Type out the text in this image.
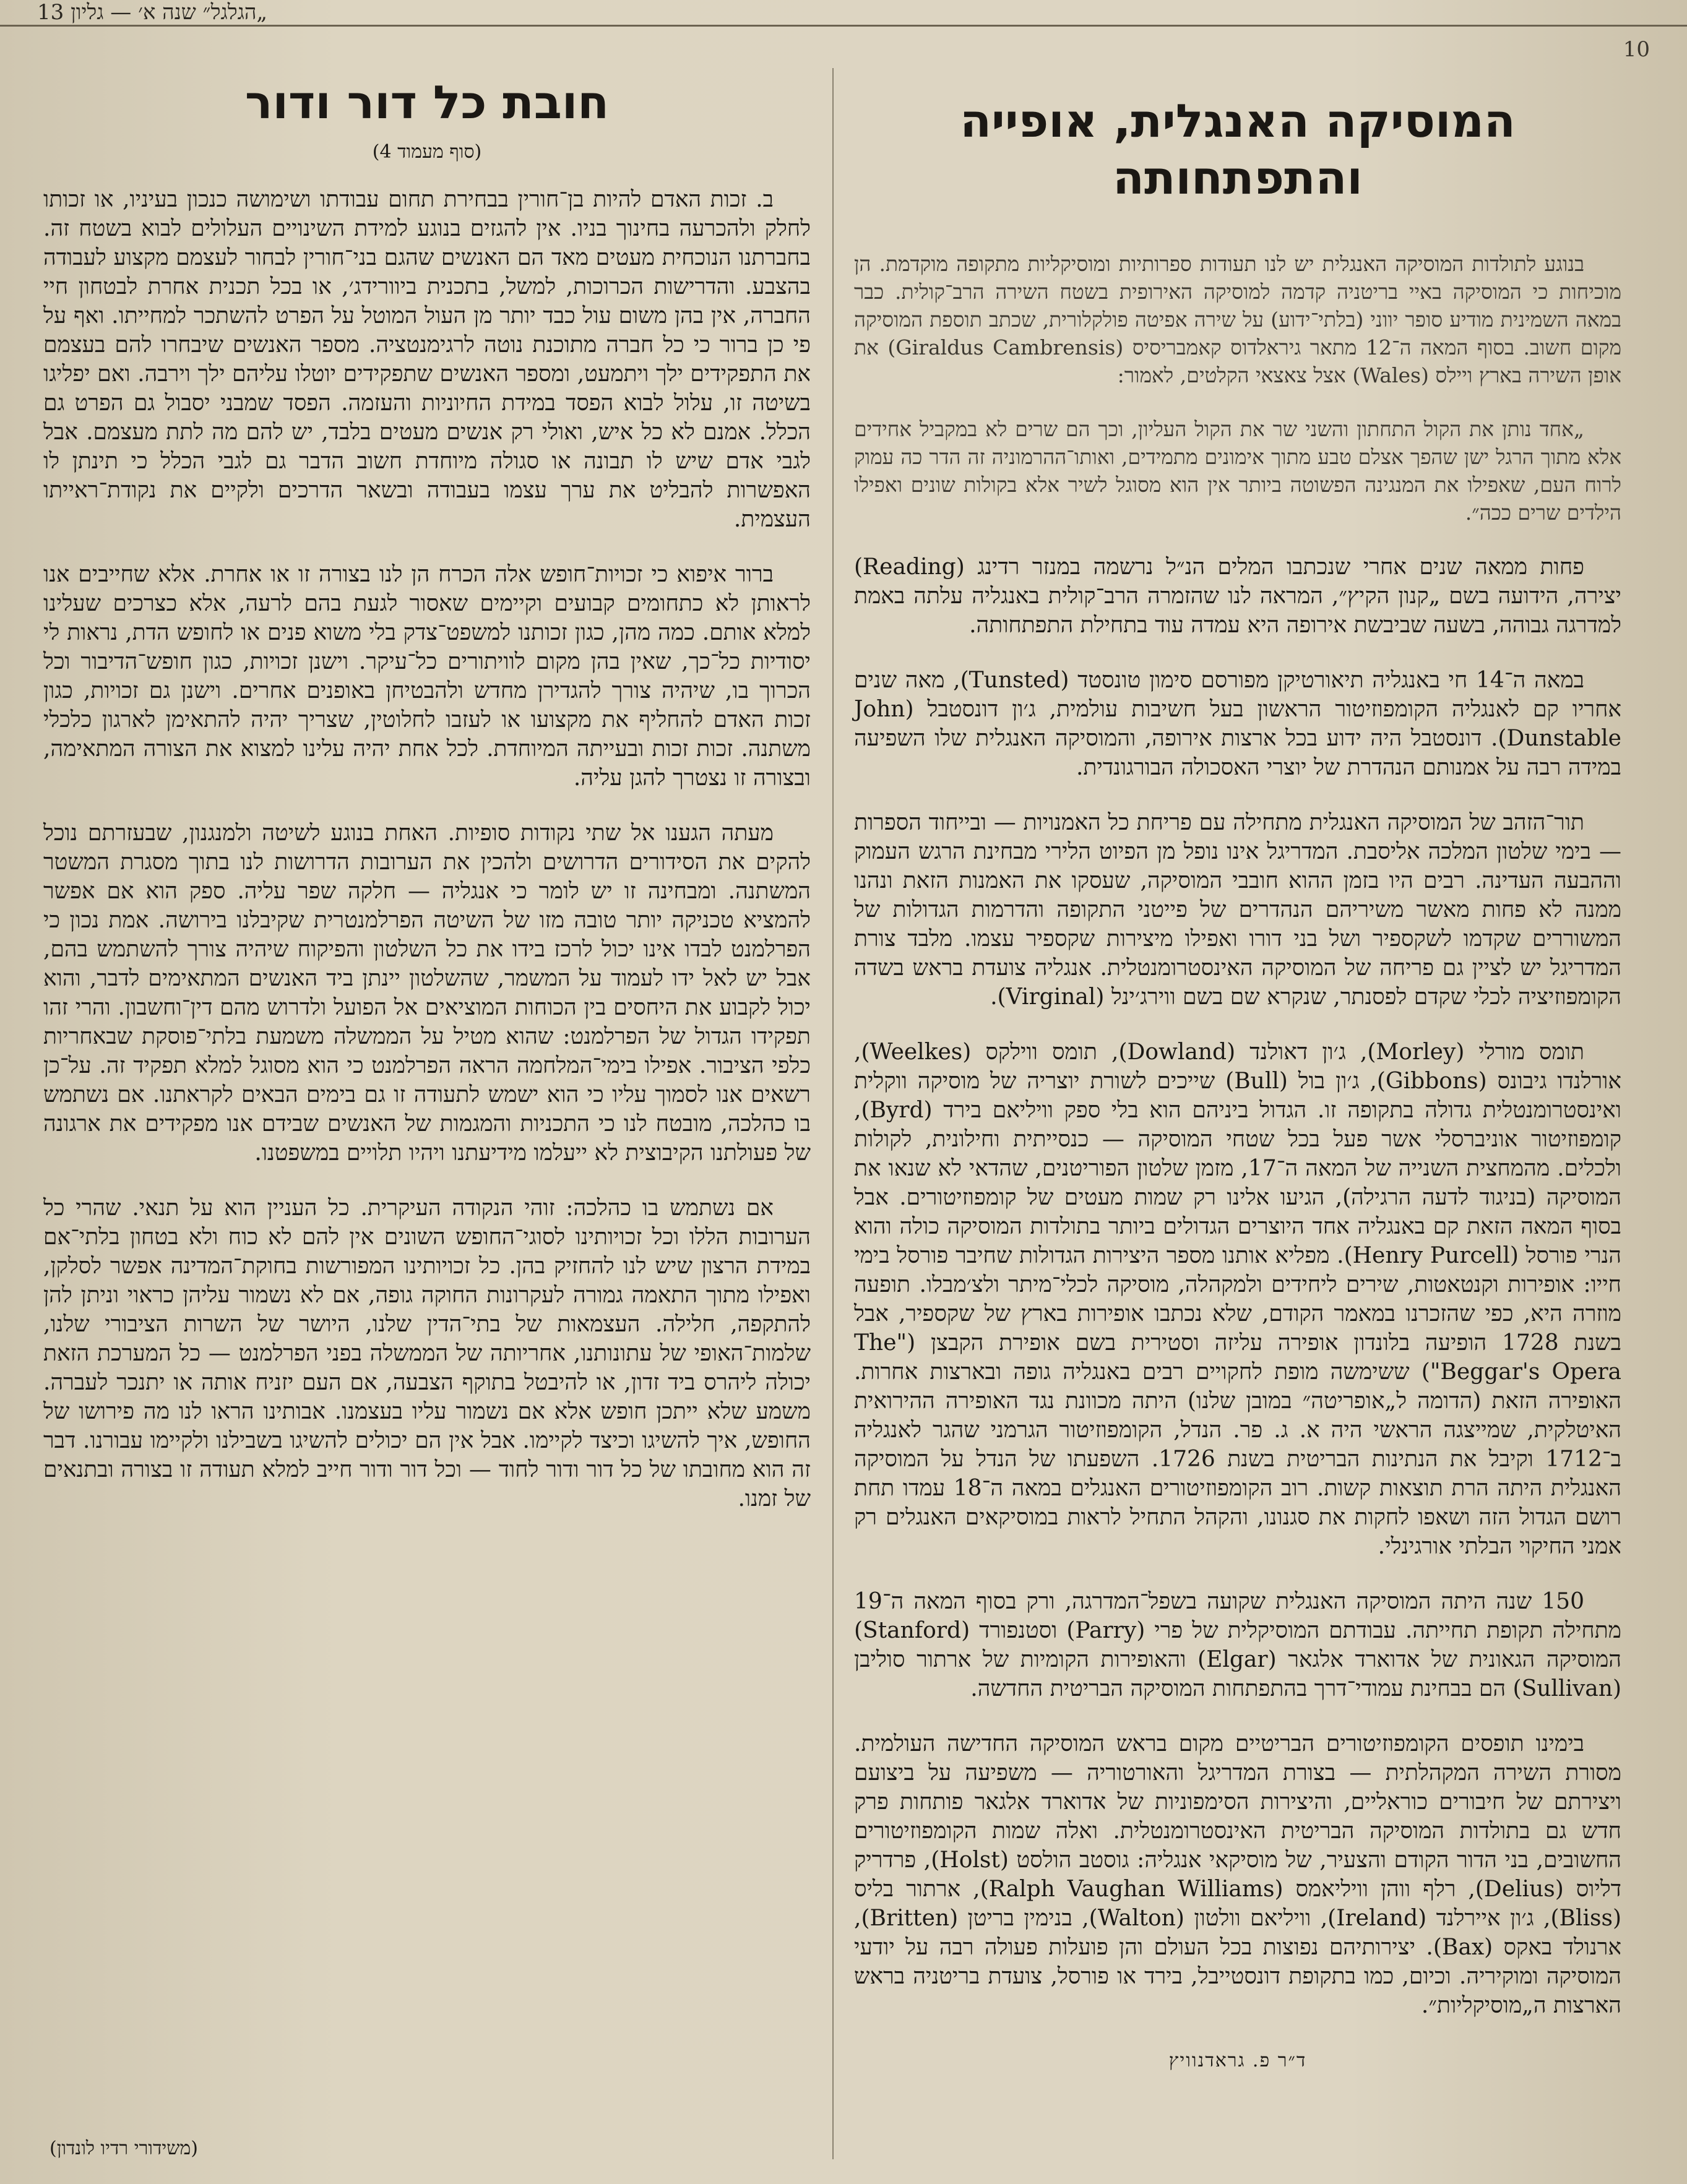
„הגלגל״ שנה א׳ — גליון 13
10
המוסיקה האנגלית, אופייה והתפתחותה

בנוגע לתולדות המוסיקה האנגלית יש לנו תעודות ספרותיות ומוסיקליות מתקופה מוקדמת. הן מוכיחות כי המוסיקה באיי בריטניה קדמה למוסיקה האירופית בשטח השירה הרב־קולית. כבר במאה השמינית מודיע סופר יווני (בלתי־ידוע) על שירה אפיטה פולקלורית, שכתב תוספת המוסיקה מקום חשוב. בסוף המאה ה־12 מתאר גיראלדוס קאמבריסיס (Giraldus Cambrensis) את אופן השירה בארץ ויילס (Wales) אצל צאצאי הקלטים, לאמור:

„אחד נותן את הקול התחתון והשני שר את הקול העליון, וכך הם שרים לא במקביל אחידים אלא מתוך הרגל ישן שהפך אצלם טבע מתוך אימונים מתמידים, ואותו־ההרמוניה זה הדר כה עמוק לרוח העם, שאפילו את המנגינה הפשוטה ביותר אין הוא מסוגל לשיר אלא בקולות שונים ואפילו הילדים שרים ככה״.

פחות ממאה שנים אחרי שנכתבו המלים הנ״ל נרשמה במנזר רדינג (Reading) יצירה, הידועה בשם „קנון הקיץ״, המראה לנו שהזמרה הרב־קולית באנגליה עלתה באמת למדרגה גבוהה, בשעה שביבשת אירופה היא עמדה עוד בתחילת התפתחותה.

במאה ה־14 חי באנגליה תיאורטיקן מפורסם סימון טונסטד (Tunsted), מאה שנים אחריו קם לאנגליה הקומפוזיטור הראשון בעל חשיבות עולמית, ג׳ון דונסטבל (John Dunstable). דונסטבל היה ידוע בכל ארצות אירופה, והמוסיקה האנגלית שלו השפיעה במידה רבה על אמנותם הנהדרת של יוצרי האסכולה הבורגונדית.

תור־הזהב של המוסיקה האנגלית מתחילה עם פריחת כל האמנויות — ובייחוד הספרות — בימי שלטון המלכה אליסבת. המדריגל אינו נופל מן הפיוט הלירי מבחינת הרגש העמוק וההבעה העדינה. רבים היו בזמן ההוא חובבי המוסיקה, שעסקו את האמנות הזאת ונהנו ממנה לא פחות מאשר משיריהם הנהדרים של פייטני התקופה והדרמות הגדולות של המשוררים שקדמו לשקספיר ושל בני דורו ואפילו מיצירות שקספיר עצמו. מלבד צורת המדריגל יש לציין גם פריחה של המוסיקה האינסטרומנטלית. אנגליה צועדת בראש בשדה הקומפוזיציה לכלי שקדם לפסנתר, שנקרא שם בשם ווירג׳ינל (Virginal).

תומס מורלי (Morley), ג׳ון דאולנד (Dowland), תומס ווילקס (Weelkes), אורלנדו גיבונס (Gibbons), ג׳ון בול (Bull) שייכים לשורת יוצריה של מוסיקה ווקלית ואינסטרומנטלית גדולה בתקופה זו. הגדול ביניהם הוא בלי ספק וויליאם בירד (Byrd), קומפוזיטור אוניברסלי אשר פעל בכל שטחי המוסיקה — כנסייתית וחילונית, לקולות ולכלים. מהמחצית השנייה של המאה ה־17, מזמן שלטון הפוריטנים, שהדאי לא שנאו את המוסיקה (בניגוד לדעה הרגילה), הגיעו אלינו רק שמות מעטים של קומפוזיטורים. אבל בסוף המאה הזאת קם באנגליה אחד היוצרים הגדולים ביותר בתולדות המוסיקה כולה והוא הנרי פורסל (Henry Purcell). מפליא אותנו מספר היצירות הגדולות שחיבר פורסל בימי חייו: אופירות וקנטאטות, שירים ליחידים ולמקהלה, מוסיקה לכלי־מיתר ולצ׳מבלו. תופעה מוזרה היא, כפי שהזכרנו במאמר הקודם, שלא נכתבו אופירות בארץ של שקספיר, אבל בשנת 1728 הופיעה בלונדון אופירה עליזה וסטירית בשם אופירת הקבצן ("The Beggar's Opera") ששימשה מופת לחקויים רבים באנגליה גופה ובארצות אחרות. האופירה הזאת (הדומה ל„אופריטה״ במובן שלנו) היתה מכוונת נגד האופירה ההירואית האיטלקית, שמייצגה הראשי היה א. ג. פר. הנדל, הקומפוזיטור הגרמני שהגר לאנגליה ב־1712 וקיבל את הנתינות הבריטית בשנת 1726. השפעתו של הנדל על המוסיקה האנגלית היתה הרת תוצאות קשות. רוב הקומפוזיטורים האנגלים במאה ה־18 עמדו תחת רושם הגדול הזה ושאפו לחקות את סגנונו, והקהל התחיל לראות במוסיקאים האנגלים רק אמני החיקוי הבלתי אורגינלי.

150 שנה היתה המוסיקה האנגלית שקועה בשפל־המדרגה, ורק בסוף המאה ה־19 מתחילה תקופת תחייתה. עבודתם המוסיקלית של פרי (Parry) וסטנפורד (Stanford) המוסיקה הגאונית של אדוארד אלגאר (Elgar) והאופירות הקומיות של ארתור סוליבן (Sullivan) הם בבחינת עמודי־דרך בהתפתחות המוסיקה הבריטית החדשה.

בימינו תופסים הקומפוזיטורים הבריטיים מקום בראש המוסיקה החדישה העולמית. מסורת השירה המקהלתית — בצורת המדריגל והאורטוריה — משפיעה על ביצועם ויצירתם של חיבורים כוראליים, והיצירות הסימפוניות של אדוארד אלגאר פותחות פרק חדש גם בתולדות המוסיקה הבריטית האינסטרומנטלית. ואלה שמות הקומפוזיטורים החשובים, בני הדור הקודם והצעיר, של מוסיקאי אנגליה: גוסטב הולסט (Holst), פרדריק דליוס (Delius), רלף ווהן וויליאמס (Ralph Vaughan Williams), ארתור בליס (Bliss), ג׳ון איירלנד (Ireland), וויליאם וולטון (Walton), בנימין בריטן (Britten), ארנולד באקס (Bax). יצירותיהם נפוצות בכל העולם והן פועלות פעולה רבה על יודעי המוסיקה ומוקיריה. וכיום, כמו בתקופת דונסטייבל, בירד או פורסל, צועדת בריטניה בראש הארצות ה„מוסיקליות״.

ד״ר פ. גראדנוויץ
חובת כל דור ודור
(סוף מעמוד 4)

ב. זכות האדם להיות בן־חורין בבחירת תחום עבודתו ושימושה כנכון בעיניו, או זכותו לחלק ולהכרעה בחינוך בניו. אין להגזים בנוגע למידת השינויים העלולים לבוא בשטח זה. בחברתנו הנוכחית מעטים מאד הם האנשים שהגם בני־חורין לבחור לעצמם מקצוע לעבודה בהצבע. והדרישות הכרוכות, למשל, בתכנית ביוורידג׳, או בכל תכנית אחרת לבטחון חיי החברה, אין בהן משום עול כבד יותר מן העול המוטל על הפרט להשתכר למחייתו. ואף על פי כן ברור כי כל חברה מתוכנת נוטה לרגימנטציה. מספר האנשים שיבחרו להם בעצמם את התפקידים ילך ויתמעט, ומספר האנשים שתפקידים יוטלו עליהם ילך וירבה. ואם יפליגו בשיטה זו, עלול לבוא הפסד במידת החיוניות והעזמה. הפסד שמבני יסבול גם הפרט גם הכלל. אמנם לא כל איש, ואולי רק אנשים מעטים בלבד, יש להם מה לתת מעצמם. אבל לגבי אדם שיש לו תבונה או סגולה מיוחדת חשוב הדבר גם לגבי הכלל כי תינתן לו האפשרות להבליט את ערך עצמו בעבודה ובשאר הדרכים ולקיים את נקודת־ראייתו העצמית.

ברור איפוא כי זכויות־חופש אלה הכרח הן לנו בצורה זו או אחרת. אלא שחייבים אנו לראותן לא כתחומים קבועים וקיימים שאסור לגעת בהם לרעה, אלא כצרכים שעלינו למלא אותם. כמה מהן, כגון זכותנו למשפט־צדק בלי משוא פנים או לחופש הדת, נראות לי יסודיות כל־כך, שאין בהן מקום לוויתורים כל־עיקר. וישנן זכויות, כגון חופש־הדיבור וכל הכרוך בו, שיהיה צורך להגדירן מחדש ולהבטיחן באופנים אחרים. וישנן גם זכויות, כגון זכות האדם להחליף את מקצועו או לעזבו לחלוטין, שצריך יהיה להתאימן לארגון כלכלי משתנה. זכות זכות ובעייתה המיוחדת. לכל אחת יהיה עלינו למצוא את הצורה המתאימה, ובצורה זו נצטרך להגן עליה.

מעתה הגענו אל שתי נקודות סופיות. האחת בנוגע לשיטה ולמנגנון, שבעזרתם נוכל להקים את הסידורים הדרושים ולהכין את הערובות הדרושות לנו בתוך מסגרת המשטר המשתנה. ומבחינה זו יש לומר כי אנגליה — חלקה שפר עליה. ספק הוא אם אפשר להמציא טכניקה יותר טובה מזו של השיטה הפרלמנטרית שקיבלנו בירושה. אמת נכון כי הפרלמנט לבדו אינו יכול לרכז בידו את כל השלטון והפיקוח שיהיה צורך להשתמש בהם, אבל יש לאל ידו לעמוד על המשמר, שהשלטון יינתן ביד האנשים המתאימים לדבר, והוא יכול לקבוע את היחסים בין הכוחות המוציאים אל הפועל ולדרוש מהם דין־וחשבון. והרי זהו תפקידו הגדול של הפרלמנט: שהוא מטיל על הממשלה משמעת בלתי־פוסקת שבאחריות כלפי הציבור. אפילו בימי־המלחמה הראה הפרלמנט כי הוא מסוגל למלא תפקיד זה. על־כן רשאים אנו לסמוך עליו כי הוא ישמש לתעודה זו גם בימים הבאים לקראתנו. אם נשתמש בו כהלכה, מובטח לנו כי התכניות והמגמות של האנשים שבידם אנו מפקידים את ארגונה של פעולתנו הקיבוצית לא ייעלמו מידיעתנו ויהיו תלויים במשפטנו.

אם נשתמש בו כהלכה: זוהי הנקודה העיקרית. כל העניין הוא על תנאי. שהרי כל הערובות הללו וכל זכויותינו לסוגי־החופש השונים אין להם לא כוח ולא בטחון בלתי־אם במידת הרצון שיש לנו להחזיק בהן. כל זכויותינו המפורשות בחוקת־המדינה אפשר לסלקן, ואפילו מתוך התאמה גמורה לעקרונות החוקה גופה, אם לא נשמור עליהן כראוי וניתן להן להתקפה, חלילה. העצמאות של בתי־הדין שלנו, היושר של השרות הציבורי שלנו, שלמות־האופי של עתונותנו, אחריותה של הממשלה בפני הפרלמנט — כל המערכת הזאת יכולה ליהרס ביד זדון, או להיבטל בתוקף הצבעה, אם העם יזניח אותה או יתנכר לעברה. משמע שלא ייתכן חופש אלא אם נשמור עליו בעצמנו. אבותינו הראו לנו מה פירושו של החופש, איך להשיגו וכיצד לקיימו. אבל אין הם יכולים להשיגו בשבילנו ולקיימו עבורנו. דבר זה הוא מחובתו של כל דור ודור לחוד — וכל דור ודור חייב למלא תעודה זו בצורה ובתנאים של זמנו.

(משידורי רדיו לונדון)
